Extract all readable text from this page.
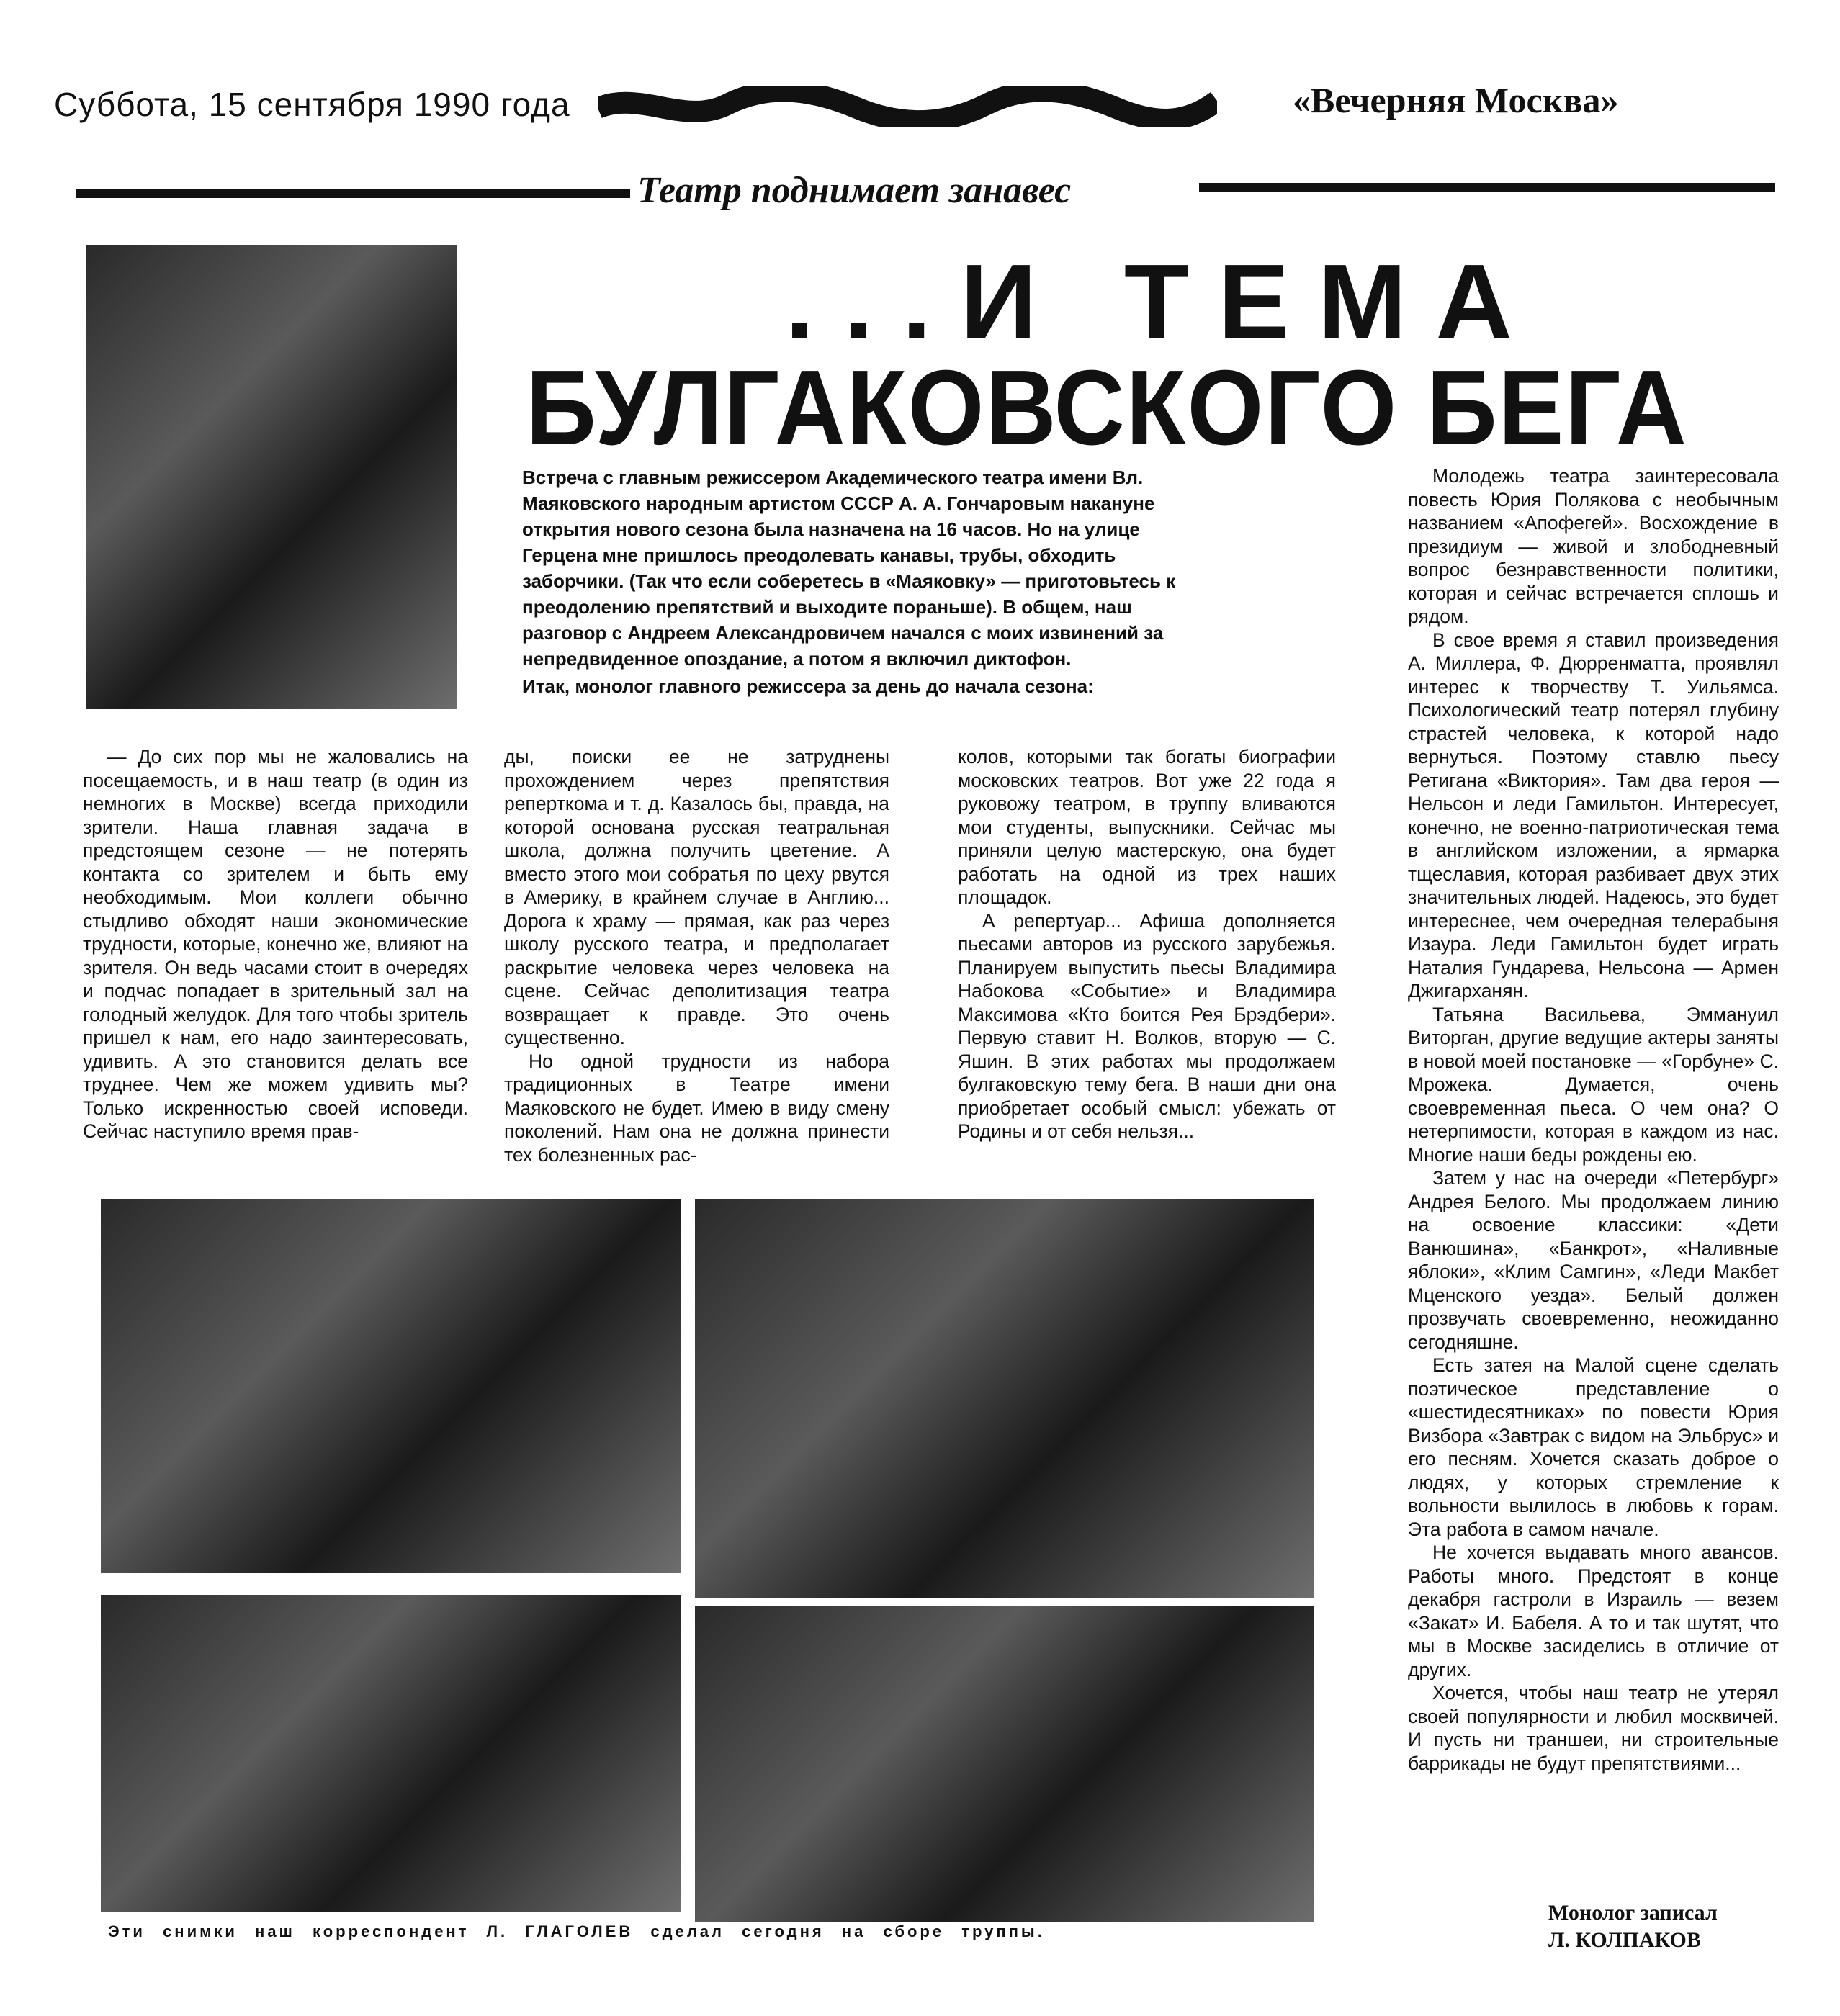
Суббота, 15 сентября 1990 года	«Вечерняя Москва»
Театр поднимает занавес
...И ТЕМА
БУЛГАКОВСКОГО БЕГА

Встреча с главным режиссером Академического театра имени Вл. Маяковского народным артистом СССР А. А. Гончаровым накануне открытия нового сезона была назначена на 16 часов. Но на улице Герцена мне пришлось преодолевать канавы, трубы, обходить заборчики. (Так что если соберетесь в «Маяковку» — приготовьтесь к преодолению препятствий и выходите пораньше). В общем, наш разговор с Андреем Александровичем начался с моих извинений за непредвиденное опоздание, а потом я включил диктофон.

Итак, монолог главного режиссера за день до начала сезона:

— До сих пор мы не жаловались на посещаемость, и в наш театр (в один из немногих в Москве) всегда приходили зрители. Наша главная задача в предстоящем сезоне — не потерять контакта со зрителем и быть ему необходимым. Мои коллеги обычно стыдливо обходят наши экономические трудности, которые, конечно же, влияют на зрителя. Он ведь часами стоит в очередях и подчас попадает в зрительный зал на голодный желудок. Для того чтобы зритель пришел к нам, его надо заинтересовать, удивить. А это становится делать все труднее. Чем же можем удивить мы? Только искренностью своей исповеди. Сейчас наступило время прав-

ды, поиски ее не затруднены прохождением через препятствия реперткома и т. д. Казалось бы, правда, на которой основана русская театральная школа, должна получить цветение. А вместо этого мои собратья по цеху рвутся в Америку, в крайнем случае в Англию... Дорога к храму — прямая, как раз через школу русского театра, и предполагает раскрытие человека через человека на сцене. Сейчас деполитизация театра возвращает к правде. Это очень существенно.

Но одной трудности из набора традиционных в Театре имени Маяковского не будет. Имею в виду смену поколений. Нам она не должна принести тех болезненных рас-

колов, которыми так богаты биографии московских театров. Вот уже 22 года я руковожу театром, в труппу вливаются мои студенты, выпускники. Сейчас мы приняли целую мастерскую, она будет работать на одной из трех наших площадок.

А репертуар... Афиша дополняется пьесами авторов из русского зарубежья. Планируем выпустить пьесы Владимира Набокова «Событие» и Владимира Максимова «Кто боится Рея Брэдбери». Первую ставит Н. Волков, вторую — С. Яшин. В этих работах мы продолжаем булгаковскую тему бега. В наши дни она приобретает особый смысл: убежать от Родины и от себя нельзя...

Молодежь театра заинтересовала повесть Юрия Полякова с необычным названием «Апофегей». Восхождение в президиум — живой и злободневный вопрос безнравственности политики, которая и сейчас встречается сплошь и рядом.

В свое время я ставил произведения А. Миллера, Ф. Дюрренматта, проявлял интерес к творчеству Т. Уильямса. Психологический театр потерял глубину страстей человека, к которой надо вернуться. Поэтому ставлю пьесу Ретигана «Виктория». Там два героя — Нельсон и леди Гамильтон. Интересует, конечно, не военно-патриотическая тема в английском изложении, а ярмарка тщеславия, которая разбивает двух этих значительных людей. Надеюсь, это будет интереснее, чем очередная телерабыня Изаура. Леди Гамильтон будет играть Наталия Гундарева, Нельсона — Армен Джигарханян.

Татьяна Васильева, Эммануил Виторган, другие ведущие актеры заняты в новой моей постановке — «Горбуне» С. Мрожека. Думается, очень своевременная пьеса. О чем она? О нетерпимости, которая в каждом из нас. Многие наши беды рождены ею.

Затем у нас на очереди «Петербург» Андрея Белого. Мы продолжаем линию на освоение классики: «Дети Ванюшина», «Банкрот», «Наливные яблоки», «Клим Самгин», «Леди Макбет Мценского уезда». Белый должен прозвучать своевременно, неожиданно сегодняшне.

Есть затея на Малой сцене сделать поэтическое представление о «шестидесятниках» по повести Юрия Визбора «Завтрак с видом на Эльбрус» и его песням. Хочется сказать доброе о людях, у которых стремление к вольности вылилось в любовь к горам. Эта работа в самом начале.

Не хочется выдавать много авансов. Работы много. Предстоят в конце декабря гастроли в Израиль — везем «Закат» И. Бабеля. А то и так шутят, что мы в Москве засиделись в отличие от других.

Хочется, чтобы наш театр не утерял своей популярности и любил москвичей. И пусть ни траншеи, ни строительные баррикады не будут препятствиями...

Эти снимки наш корреспондент Л. ГЛАГОЛЕВ сделал сегодня на сборе труппы.
Монолог записал
Л. КОЛПАКОВ
